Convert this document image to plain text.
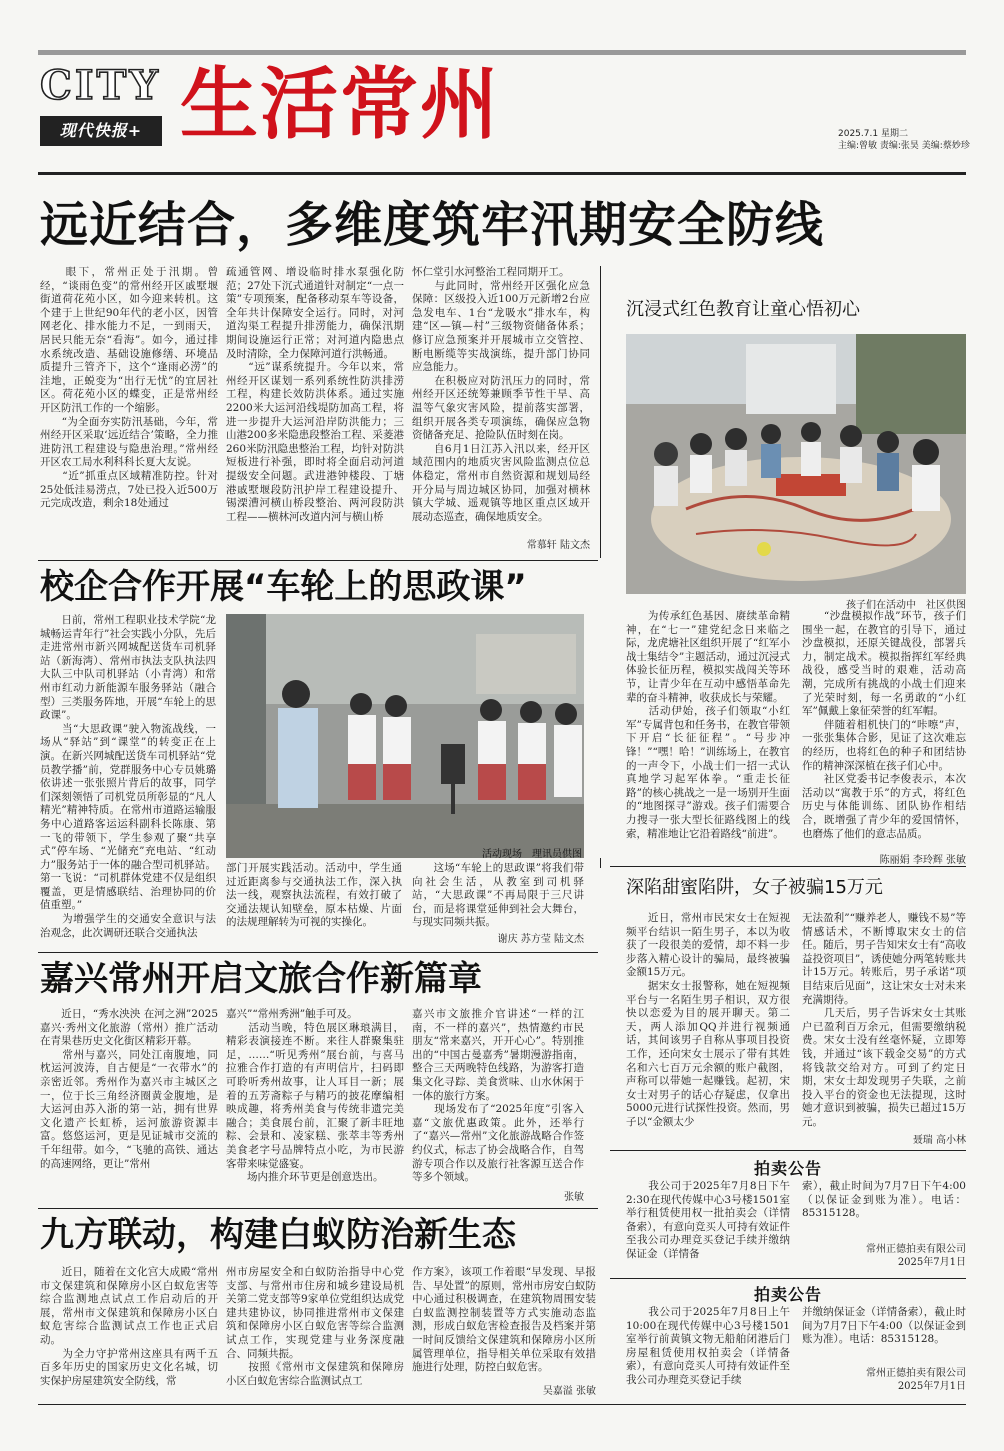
CITY
现代快报+ 生活常州	2025.7.1 星期二
主编:曾敏 责编:张昊 美编:蔡妙珍
远近结合，多维度筑牢汛期安全防线
　　眼下，常州正处于汛期。曾经，“谈雨色变”的常州经开区戚墅堰街道荷花苑小区，如今迎来转机。这个建于上世纪90年代的老小区，因管网老化、排水能力不足，一到雨天，居民只能无奈“看海”。如今，通过排水系统改造、基础设施修缮、环境品质提升三管齐下，这个“逢雨必涝”的洼地，正蜕变为“出行无忧”的宜居社区。荷花苑小区的蝶变，正是常州经开区防汛工作的一个缩影。
　　“为全面夯实防汛基础，今年，常州经开区采取‘远近结合’策略，全力推进防汛工程建设与隐患治理。”常州经开区农工局水利科科长夏大友说。
　　“近”抓重点区域精准防控。针对25处低洼易涝点，7处已投入近500万元完成改造，剩余18处通过
疏通管网、增设临时排水泵强化防范；27处下沉式通道针对制定“一点一策”专项预案，配备移动泵车等设备，全年共计保障安全运行。同时，对河道沟渠工程提升排涝能力，确保汛期期间设施运行正常；对河道内隐患点及时清除，全力保障河道行洪畅通。
　　“远”谋系统提升。今年以来，常州经开区谋划一系列系统性防洪排涝工程，构建长效防洪体系。通过实施2200米大运河沿线堤防加高工程，将进一步提升大运河沿岸防洪能力；三山港200多米隐患段整治工程、采菱港260米防汛隐患整治工程，均针对防洪短板进行补强，即时将全面启动河道提级安全问题。武进港钟楼段、丁塘港戚墅堰段防汛护岸工程建设提升、锡溧漕河横山桥段整治、两河段防洪工程——横林河改道内河与横山桥
怀仁堂引水河整治工程同期开工。
　　与此同时，常州经开区强化应急保障：区级投入近100万元新增2台应急发电车、1台“龙吸水”排水车，构建“区—镇—村”三级物资储备体系；修订应急预案并开展城市立交管控、断电断缆等实战演练，提升部门协同应急能力。
　　在积极应对防汛压力的同时，常州经开区还统筹兼顾季节性干旱、高温等气象灾害风险，提前落实部署，组织开展各类专项演练，确保应急物资储备充足、抢险队伍时刻在岗。
　　自6月1日江苏入汛以来，经开区域范围内的地质灾害风险监测点位总体稳定，常州市自然资源和规划局经开分局与周边城区协同，加强对横林镇大学城、遥观镇等地区重点区域开展动态巡查，确保地质安全。
常慕轩 陆文杰
沉浸式红色教育让童心悟初心
孩子们在活动中　社区供图
　　为传承红色基因、赓续革命精神，在“七一”建党纪念日来临之际，龙虎塘社区组织开展了“红军小战士集结令”主题活动，通过沉浸式体验长征历程，模拟实战闯关等环节，让青少年在互动中感悟革命先辈的奋斗精神，收获成长与荣耀。
　　活动伊始，孩子们领取“小红军”专属背包和任务书，在教官带领下开启“长征征程”。“号步冲锋！”“嘿！哈！”训练场上，在教官的一声令下，小战士们一招一式认真地学习起军体拳。“重走长征路”的核心挑战之一是一场别开生面的“地图探寻”游戏。孩子们需要合力搜寻一张大型长征路线图上的线索，精准地让它沿着路线“前进”。
　　“沙盘模拟作战”环节，孩子们围坐一起，在教官的引导下，通过沙盘模拟，还原关键战役，部署兵力，制定战术。模拟指挥红军经典战役，感受当时的艰难，活动高潮，完成所有挑战的小战士们迎来了光荣时刻，每一名勇敢的“小红军”佩戴上象征荣誉的红军帽。
　　伴随着相机快门的“咔嚓”声，一张张集体合影，见证了这次难忘的经历，也将红色的种子和团结协作的精神深深植在孩子们心中。
　　社区党委书记李俊表示，本次活动以“寓教于乐”的方式，将红色历史与体能训练、团队协作相结合，既增强了青少年的爱国情怀，也磨炼了他们的意志品质。
陈丽娟 李玲辉 张敏
校企合作开展“车轮上的思政课”
　　日前，常州工程职业技术学院“龙城畅运青年行”社会实践小分队，先后走进常州市新兴网城配送货车司机驿站（新海湾）、常州市执法支队执法四大队三中队司机驿站（小青湾）和常州市红动力新能源车服务驿站（融合型）三类服务阵地，开展“车轮上的思政课”。
　　当“大思政课”驶入物流战线，一场从“驿站”到“课堂”的转变正在上演。在新兴网城配送货车司机驿站“党员教学播”前，党群服务中心专员姚璐依讲述一张张照片背后的故事，同学们深刻领悟了司机党员所彰显的“凡人精光”精神特质。在常州市道路运输服务中心道路客运运科副科长陈康、第一飞的带领下，学生参观了聚“共享式”停车场、“光储充”充电站、“红动力”服务站于一体的融合型司机驿站。第一飞说：“司机群体党建不仅是组织覆盖，更是情感联结、治理协同的价值重塑。”
　　为增强学生的交通安全意识与法治观念，此次调研还联合交通执法
活动现场　理讯员供图
部门开展实践活动。活动中，学生通过近距离参与交通执法工作，深入执法一线，观察执法流程，有效打破了交通法规认知壁垒，原本枯燥、片面的法规理解转为可视的实操化。
　　这场“车轮上的思政课”将我们带向社会生活，从教室到司机驿站，“大思政课”不再局限于三尺讲台，而是将课堂延伸到社会大舞台，与现实同频共振。
谢庆 苏方莹 陆文杰
深陷甜蜜陷阱，女子被骗15万元
　　近日，常州市民宋女士在短视频平台结识一陌生男子，本以为收获了一段很美的爱情，却不料一步步落入精心设计的骗局，最终被骗金额15万元。
　　据宋女士报警称，她在短视频平台与一名陌生男子相识，双方很快以恋爱为目的展开聊天。第二天，两人添加QQ并进行视频通话，其间该男子自称从事项目投资工作，还向宋女士展示了带有其姓名和六七百万元余额的账户截图，声称可以带她一起赚钱。起初，宋女士对男子的话心存疑虑，仅拿出5000元进行试探性投资。然而，男子以“金额太少
无法盈利”“赚养老人，赚钱不易”等情感话术，不断博取宋女士的信任。随后，男子告知宋女士有“高收益投资项目”，诱使她分两笔转账共计15万元。转账后，男子承诺“项目结束后见面”，这让宋女士对未来充满期待。
　　几天后，男子告诉宋女士其账户已盈利百万余元，但需要缴纳税费。宋女士没有丝毫怀疑，立即筹钱，并通过“该下载金交易”的方式将钱款交给对方。可到了约定日期，宋女士却发现男子失联，之前投入平台的资金也无法提现，这时她才意识到被骗，损失已超过15万元。
聂瑞 高小林
嘉兴常州开启文旅合作新篇章
　　近日，“秀水泱泱 在河之洲”2025嘉兴·秀州文化旅游（常州）推广活动在青果巷历史文化街区精彩开幕。
　　常州与嘉兴，同处江南腹地，同枕运河波涛，自古便是“一衣带水”的亲密近邻。秀州作为嘉兴市主城区之一，位于长三角经济圈黄金腹地，是大运河由苏入浙的第一站，拥有世界文化遗产长虹桥，运河旅游资源丰富。悠悠运河，更是见证城市交流的千年纽带。如今，“飞驰的高铁、通达的高速网络，更让”常州
嘉兴”“常州秀洲”触手可及。
　　活动当晚，特色展区琳琅满目，精彩表演接连不断。来往人群聚集驻足，……“听见秀州”展台前，与喜马拉雅合作打造的有声明信片，扫码即可聆听秀州故事，让人耳目一新；展着的五芳斋粽子与精巧的披花摩编相映成趣，将秀州美食与传统非遗完美融合；美食展台前，汇聚了新丰旺地粽、会景和、凌家糕、张萃丰等秀州美食老字号品牌特点小吃，为市民游客带来味觉盛宴。
　　场内推介环节更是创意迭出。
嘉兴市文旅推介官讲述“一样的江南，不一样的嘉兴”，热情邀约市民朋友“常来嘉兴，开开心心”。特别推出的“中国古曼嘉秀”暑期漫游指南，整合三天两晚特色线路，为游客打造集文化寻踪、美食赏味、山水休闲于一体的旅行方案。
　　现场发布了“2025年度”引客入嘉“文旅优惠政策。此外，还举行了“嘉兴—常州”文化旅游战略合作签约仪式，标志了协会战略合作，自驾游专项合作以及旅行社客源互送合作等多个领域。
张敏
拍卖公告
　　我公司于2025年7月8日下午2:30在现代传媒中心3号楼1501室举行租赁使用权一批拍卖会（详情备索），有意向竞买人可持有效证件至我公司办理竞买登记手续并缴纳保证金（详情备
索），截止时间为7月7日下午4:00（以保证金到账为准）。电话：85315128。
常州正德拍卖有限公司
2025年7月1日
拍卖公告
　　我公司于2025年7月8日上午10:00在现代传媒中心3号楼1501室举行前黄镇文物无船舶闭港后门房屋租赁使用权拍卖会（详情备索），有意向竞买人可持有效证件至我公司办理竞买登记手续
并缴纳保证金（详情备索），截止时间为7月7日下午4:00（以保证金到账为准）。电话：85315128。
常州正德拍卖有限公司
2025年7月1日
九方联动，构建白蚁防治新生态
　　近日，随着在文化宫大成殿“常州市文保建筑和保障房小区白蚁危害等综合监测地点试点工作启动后的开展，常州市文保建筑和保障房小区白蚁危害综合监测试点工作也正式启动。
　　为全力守护常州这座具有两千五百多年历史的国家历史文化名城，切实保护房屋建筑安全防线，常
州市房屋安全和白蚁防治指导中心党支部、与常州市住房和城乡建设局机关第二党支部等9家单位党组织达成党建共建协议，协同推进常州市文保建筑和保障房小区白蚁危害等综合监测试点工作，实现党建与业务深度融合、同频共振。
　　按照《常州市文保建筑和保障房小区白蚁危害综合监测试点工
作方案》，该项工作着眼“早发现、早报告、早处置”的原则，常州市房安白蚁防中心通过积极调查，在建筑物周围安装白蚁监测控制装置等方式实施动态监测，形成白蚁危害检查报告及档案并第一时间反馈给文保建筑和保障房小区所属管理单位，指导相关单位采取有效措施进行处理，防控白蚁危害。
吴嘉溢 张敏
